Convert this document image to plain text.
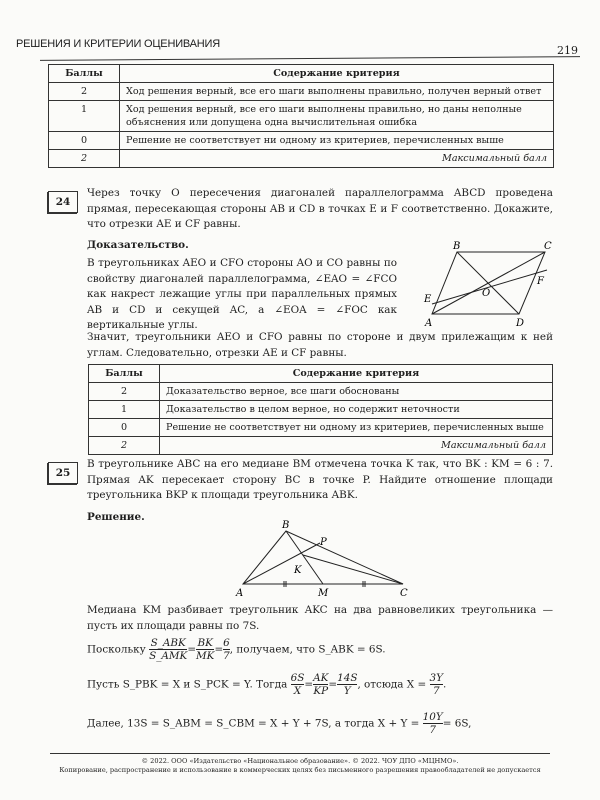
РЕШЕНИЯ И КРИТЕРИИ ОЦЕНИВАНИЯ	219
Баллы	Содержание критерия
2	Ход решения верный, все его шаги выполнены правильно, получен верный ответ
1	Ход решения верный, все его шаги выполнены правильно, но даны неполные объяснения или допущена одна вычислительная ошибка
0	Решение не соответствует ни одному из критериев, перечисленных выше
2	Максимальный балл
24
Через точку O пересечения диагоналей параллелограмма ABCD проведена прямая, пересекающая стороны AB и CD в точках E и F соответственно. Докажите, что отрезки AE и CF равны.
Доказательство.
В треугольниках AEO и CFO стороны AO и CO равны по свойству диагоналей параллелограмма, ∠EAO = ∠FCO как накрест лежащие углы при параллельных прямых AB и CD и секущей AC, а ∠EOA = ∠FOC как вертикальные углы.
Значит, треугольники AEO и CFO равны по стороне и двум прилежащим к ней углам. Следовательно, отрезки AE и CF равны.
B	C
A	D
E
F
O
Баллы	Содержание критерия
2	Доказательство верное, все шаги обоснованы
1	Доказательство в целом верное, но содержит неточности
0	Решение не соответствует ни одному из критериев, перечисленных выше
2	Максимальный балл
25
В треугольнике ABC на его медиане BM отмечена точка K так, что BK : KM = 6 : 7. Прямая AK пересекает сторону BC в точке P. Найдите отношение площади треугольника BKP к площади треугольника ABK.
Решение.
B
P
K
A	M	C
Медиана KM разбивает треугольник AKC на два равновеликих треугольника — пусть их площади равны по 7S.
Поскольку
S_ABK
S_AMK
= $\frac{BK}{MK} = \frac{6}{7}$ , получаем, что S_ABK = 6S.
Пусть S_PBK = X и S_PCK = Y. Тогда $\frac{6S}{X} = \frac{AK}{KP} = \frac{14S}{Y}$ , отсюда $X = \frac{3Y}{7}$ .
Далее, 13S = S_ABM = S_CBM = X + Y + 7S, а тогда $X + Y = \frac{10Y}{7} = 6S$,
© 2022. ООО «Издательство «Национальное образование». © 2022. ЧОУ ДПО «МЦНМО».
Копирование, распространение и использование в коммерческих целях без письменного разрешения правообладателей не допускается
